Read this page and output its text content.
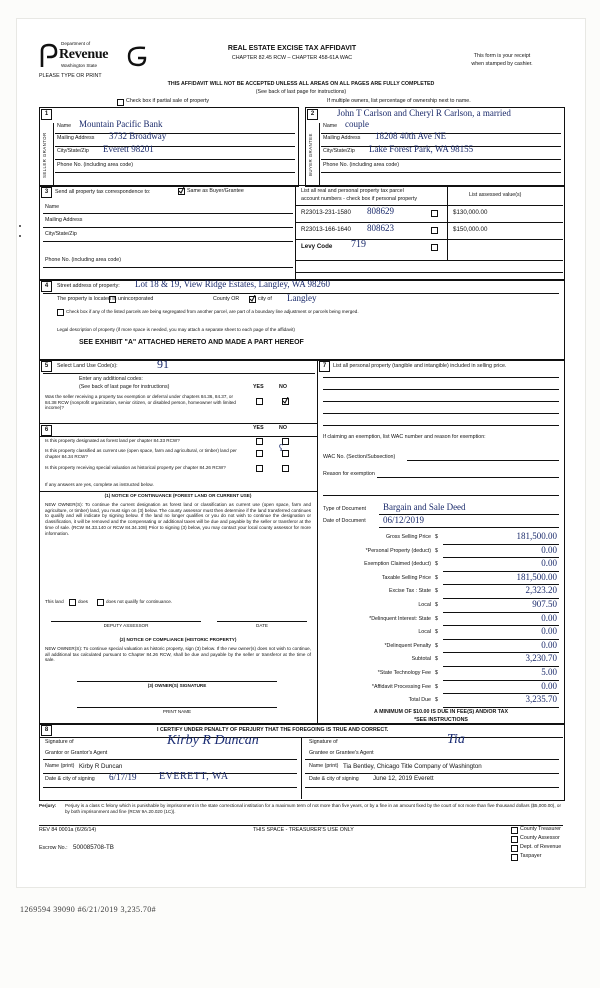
Department of
Revenue
Washington State
PLEASE TYPE OR PRINT
REAL ESTATE EXCISE TAX AFFIDAVIT
CHAPTER 82.45 RCW – CHAPTER 458-61A WAC	This form is your receipt
when stamped by cashier.
THIS AFFIDAVIT WILL NOT BE ACCEPTED UNLESS ALL AREAS ON ALL PAGES ARE FULLY COMPLETED
(See back of last page for instructions)
Check box if partial sale of property	If multiple owners, list percentage of ownership next to name.
1
SELLER GRANTOR
Name Mountain Pacific Bank
Mailing Address 3732 Broadway
City/State/Zip Everett 98201
Phone No. (including area code)
2
BUYER GRANTEE
John T Carlson and Cheryl R Carlson, a married
Name couple
Mailing Address 18208 40th Ave NE
City/State/Zip Lake Forest Park, WA 98155
Phone No. (including area code)
3	Send all property tax correspondence to:	Same as Buyer/Grantee
Name
Mailing Address
City/State/Zip
Phone No. (including area code)
List all real and personal property tax parcel
account numbers - check box if personal property
List assessed value(s)
R23013-231-1580 808629	$130,000.00
R23013-166-1640 808623	$150,000.00
Levy Code 719
4	Street address of property: Lot 18 & 19, View Ridge Estates, Langley, WA 98260
The property is located in unincorporated	County OR	city of Langley
Check box if any of the listed parcels are being segregated from another parcel, are part of a boundary line adjustment or parcels being merged.
Legal description of property (if more space is needed, you may attach a separate sheet to each page of the affidavit)
SEE EXHIBIT "A" ATTACHED HERETO AND MADE A PART HEREOF
5	Select Land Use Code(s):	91
Enter any additional codes:
(See back of last page for instructions)	YES	NO
Was the seller receiving a property tax exemption or deferral under chapters 84.36, 84.37, or 84.38 RCW (nonprofit organization, senior citizen, or disabled person, homeowner with limited income)?
6	YES	NO
Is this property designated as forest land per chapter 84.33 RCW?
Is this property classified as current use (open space, farm and agricultural, or timber) land per chapter 84.34 RCW?
Is this property receiving special valuation as historical property per chapter 84.26 RCW?
ʕ
If any answers are yes, complete as instructed below.
(1) NOTICE OF CONTINUANCE (FOREST LAND OR CURRENT USE)
NEW OWNER(S): To continue the current designation as forest land or classification as current use (open space, farm and agriculture, or timber) land, you must sign on (3) below. The county assessor must then determine if the land transferred continues to qualify and will indicate by signing below. If the land no longer qualifies or you do not wish to continue the designation or classification, it will be removed and the compensating or additional taxes will be due and payable by the seller or transferor at the time of sale. (RCW 84.33.140 or RCW 84.34.108) Prior to signing (3) below, you may contact your local county assessor for more information.
This land	does	does not qualify for continuance.
DEPUTY ASSESSOR	DATE
(2) NOTICE OF COMPLIANCE (HISTORIC PROPERTY)
NEW OWNER(S): To continue special valuation as historic property, sign (3) below. If the new owner(s) does not wish to continue, all additional tax calculated pursuant to Chapter 84.26 RCW, shall be due and payable by the seller or transferor at the time of sale.
(3) OWNER(S) SIGNATURE
PRINT NAME
7	List all personal property (tangible and intangible) included in selling price.
If claiming an exemption, list WAC number and reason for exemption:
WAC No. (Section/Subsection)
Reason for exemption
Type of Document Bargain and Sale Deed
Date of Document 06/12/2019
Gross Selling Price $	181,500.00
*Personal Property (deduct) $	0.00
Exemption Claimed (deduct) $	0.00
Taxable Selling Price $	181,500.00
Excise Tax : State $	2,323.20
Local $	907.50
*Delinquent Interest: State $	0.00
Local $	0.00
*Delinquent Penalty $	0.00
Subtotal $	3,230.70
*State Technology Fee $	5.00
*Affidavit Processing Fee $	0.00
Total Due $	3,235.70
A MINIMUM OF $10.00 IS DUE IN FEE(S) AND/OR TAX
*SEE INSTRUCTIONS
8	I CERTIFY UNDER PENALTY OF PERJURY THAT THE FOREGOING IS TRUE AND CORRECT.
Signature of	Kirby R Duncan
Grantor or Grantor's Agent
Name (print) Kirby R Duncan
Date & city of signing 6/17/19 EVERETT, WA
Signature of	Tia
Grantee or Grantee's Agent
Name (print) Tia Bentley, Chicago Title Company of Washington
Date & city of signing June 12, 2019 Everett
Perjury: Perjury is a class C felony which is punishable by imprisonment in the state correctional institution for a maximum term of not more than five years, or by a fine in an amount fixed by the court of not more than five thousand dollars ($5,000.00), or by both imprisonment and fine (RCW 9A.20.020 (1C)).
REV 84 0001a (6/26/14)	THIS SPACE - TREASURER'S USE ONLY
Escrow No.: 500085708-TB
County Treasurer
County Assessor
Dept. of Revenue
Taxpayer
1269594 39090 #6/21/2019 3,235.70#
